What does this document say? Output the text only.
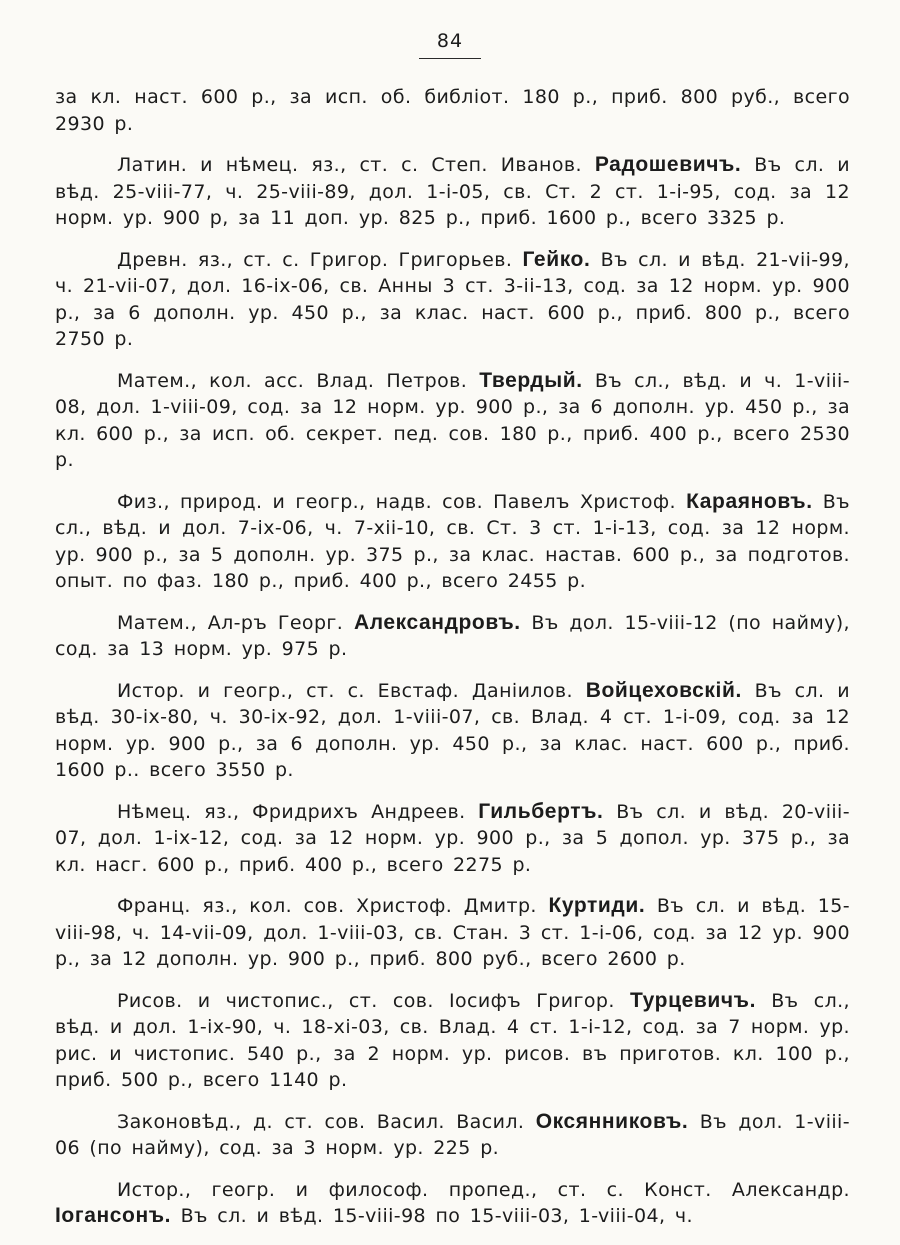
84

за кл. наст. 600 р., за исп. об. библіот. 180 р., приб. 800 руб., всего 2930 р.

Латин. и нѣмец. яз., ст. с. Степ. Иванов. Радошевичъ. Въ сл. и вѣд. 25-viii-77, ч. 25-viii-89, дол. 1-i-05, св. Ст. 2 ст. 1-i-95, сод. за 12 норм. ур. 900 р, за 11 доп. ур. 825 р., приб. 1600 р., всего 3325 р.

Древн. яз., ст. с. Григор. Григорьев. Гейко. Въ сл. и вѣд. 21-vii-99, ч. 21-vii-07, дол. 16-ix-06, св. Анны 3 ст. 3-ii-13, сод. за 12 норм. ур. 900 р., за 6 дополн. ур. 450 р., за клас. наст. 600 р., приб. 800 р., всего 2750 р.

Матем., кол. асс. Влад. Петров. Твердый. Въ сл., вѣд. и ч. 1-viii-08, дол. 1-viii-09, сод. за 12 норм. ур. 900 р., за 6 дополн. ур. 450 р., за кл. 600 р., за исп. об. секрет. пед. сов. 180 р., приб. 400 р., всего 2530 р.

Физ., природ. и геогр., надв. сов. Павелъ Христоф. Караяновъ. Въ сл., вѣд. и дол. 7-ix-06, ч. 7-xii-10, св. Ст. 3 ст. 1-i-13, сод. за 12 норм. ур. 900 р., за 5 дополн. ур. 375 р., за клас. настав. 600 р., за подготов. опыт. по фаз. 180 р., приб. 400 р., всего 2455 р.

Матем., Ал-ръ Георг. Александровъ. Въ дол. 15-viii-12 (по найму), сод. за 13 норм. ур. 975 р.

Истор. и геогр., ст. с. Евстаф. Даніилов. Войцеховскій. Въ сл. и вѣд. 30-ix-80, ч. 30-ix-92, дол. 1-viii-07, св. Влад. 4 ст. 1-i-09, сод. за 12 норм. ур. 900 р., за 6 дополн. ур. 450 р., за клас. наст. 600 р., приб. 1600 р.. всего 3550 р.

Нѣмец. яз., Фридрихъ Андреев. Гильбертъ. Въ сл. и вѣд. 20-viii-07, дол. 1-ix-12, сод. за 12 норм. ур. 900 р., за 5 допол. ур. 375 р., за кл. насг. 600 р., приб. 400 р., всего 2275 р.

Франц. яз., кол. сов. Христоф. Дмитр. Куртиди. Въ сл. и вѣд. 15-viii-98, ч. 14-vii-09, дол. 1-viii-03, св. Стан. 3 ст. 1-i-06, сод. за 12 ур. 900 р., за 12 дополн. ур. 900 р., приб. 800 руб., всего 2600 р.

Рисов. и чистопис., ст. сов. Іосифъ Григор. Турцевичъ. Въ сл., вѣд. и дол. 1-ix-90, ч. 18-xi-03, св. Влад. 4 ст. 1-i-12, сод. за 7 норм. ур. рис. и чистопис. 540 р., за 2 норм. ур. рисов. въ приготов. кл. 100 р., приб. 500 р., всего 1140 р.

Законовѣд., д. ст. сов. Васил. Васил. Оксянниковъ. Въ дол. 1-viii-06 (по найму), сод. за 3 норм. ур. 225 р.

Истор., геогр. и философ. пропед., ст. с. Конст. Александр. Іогансонъ. Въ сл. и вѣд. 15-viii-98 по 15-viii-03, 1-viii-04, ч.
